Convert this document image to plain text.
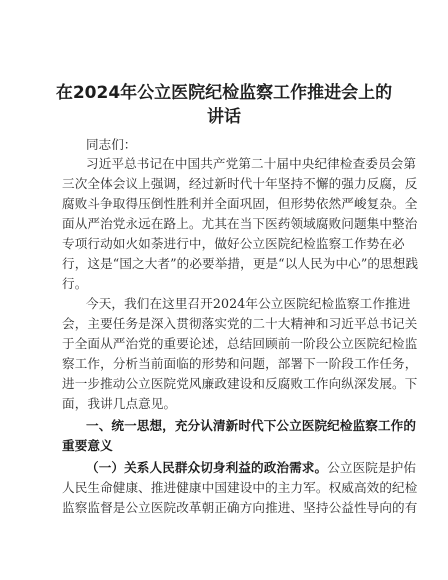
在2024年公立医院纪检监察工作推进会上的
讲话
同志们：
习近平总书记在中国共产党第二十届中央纪律检查委员会第
三次全体会议上强调，经过新时代十年坚持不懈的强力反腐，反
腐败斗争取得压倒性胜利并全面巩固，但形势依然严峻复杂。全
面从严治党永远在路上。尤其在当下医药领域腐败问题集中整治
专项行动如火如荼进行中，做好公立医院纪检监察工作势在必
行，这是“国之大者”的必要举措，更是“以人民为中心”的思想践
行。
今天，我们在这里召开2024年公立医院纪检监察工作推进
会，主要任务是深入贯彻落实党的二十大精神和习近平总书记关
于全面从严治党的重要论述，总结回顾前一阶段公立医院纪检监
察工作，分析当前面临的形势和问题，部署下一阶段工作任务，
进一步推动公立医院党风廉政建设和反腐败工作向纵深发展。下
面，我讲几点意见。
一、统一思想，充分认清新时代下公立医院纪检监察工作的
重要意义
（一）关系人民群众切身利益的政治需求。公立医院是护佑
人民生命健康、推进健康中国建设中的主力军。权威高效的纪检
监察监督是公立医院改革朝正确方向推进、坚持公益性导向的有
